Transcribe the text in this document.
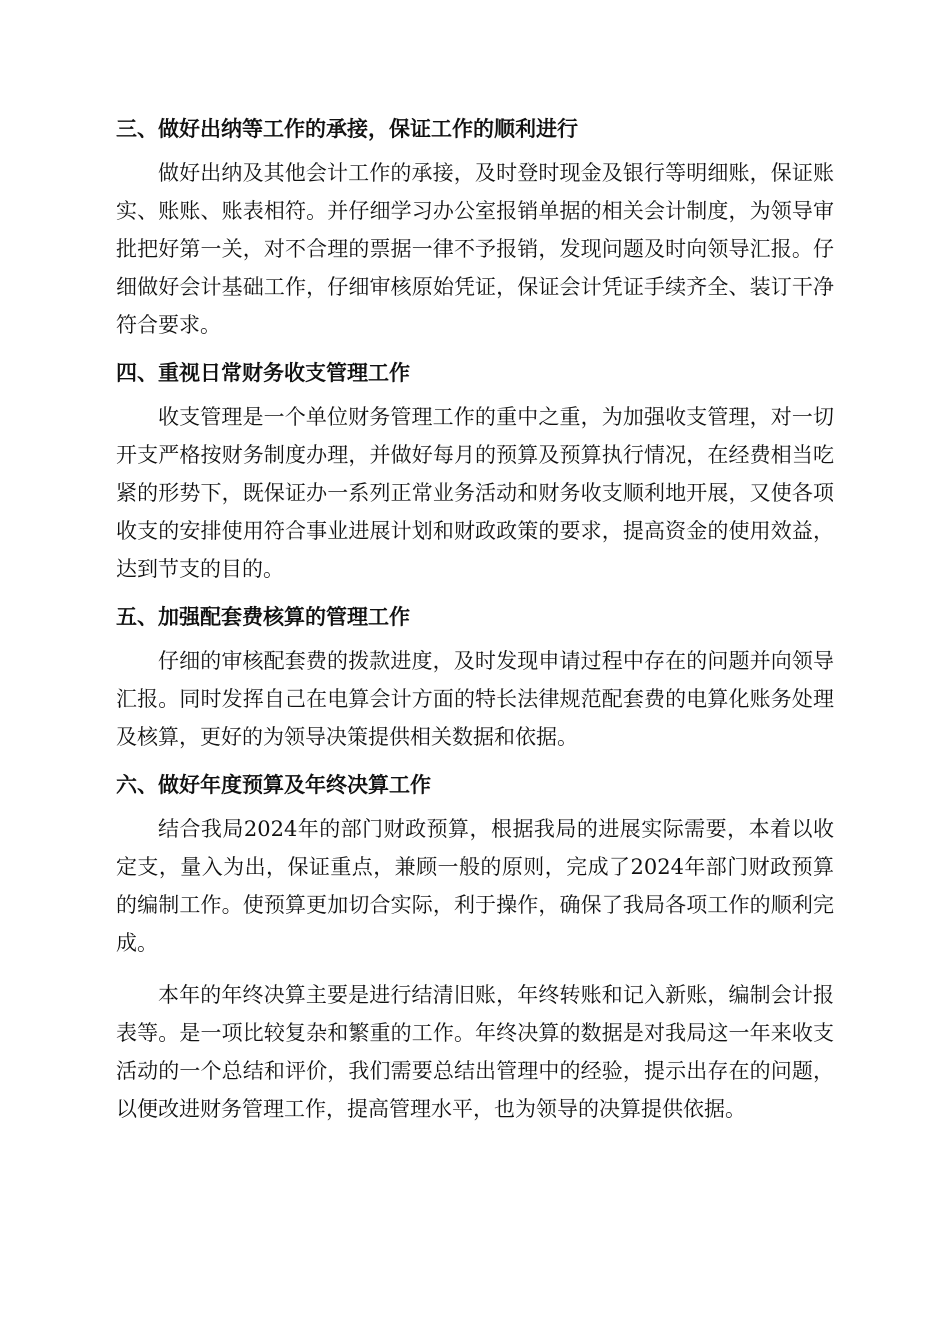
三、做好出纳等工作的承接，保证工作的顺利进行

做好出纳及其他会计工作的承接，及时登时现金及银行等明细账，保证账实、账账、账表相符。并仔细学习办公室报销单据的相关会计制度，为领导审批把好第一关，对不合理的票据一律不予报销，发现问题及时向领导汇报。仔细做好会计基础工作，仔细审核原始凭证，保证会计凭证手续齐全、装订干净符合要求。

四、重视日常财务收支管理工作

收支管理是一个单位财务管理工作的重中之重，为加强收支管理，对一切开支严格按财务制度办理，并做好每月的预算及预算执行情况，在经费相当吃紧的形势下，既保证办一系列正常业务活动和财务收支顺利地开展，又使各项收支的安排使用符合事业进展计划和财政政策的要求，提高资金的使用效益，达到节支的目的。

五、加强配套费核算的管理工作

仔细的审核配套费的拨款进度，及时发现申请过程中存在的问题并向领导汇报。同时发挥自己在电算会计方面的特长法律规范配套费的电算化账务处理及核算，更好的为领导决策提供相关数据和依据。

六、做好年度预算及年终决算工作

结合我局2024年的部门财政预算，根据我局的进展实际需要，本着以收定支，量入为出，保证重点，兼顾一般的原则，完成了2024年部门财政预算的编制工作。使预算更加切合实际，利于操作，确保了我局各项工作的顺利完成。

本年的年终决算主要是进行结清旧账，年终转账和记入新账，编制会计报表等。是一项比较复杂和繁重的工作。年终决算的数据是对我局这一年来收支活动的一个总结和评价，我们需要总结出管理中的经验，提示出存在的问题，以便改进财务管理工作，提高管理水平，也为领导的决算提供依据。
